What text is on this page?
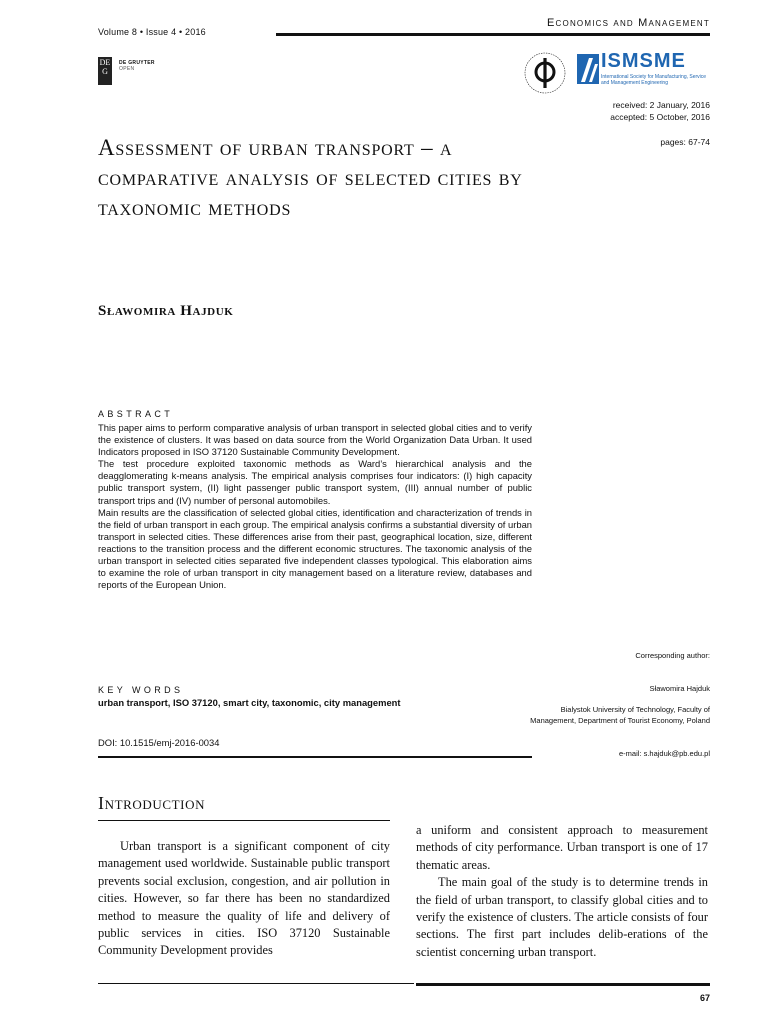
Volume 8 • Issue 4 • 2016
Economics and Management
DE G
DE GRUYTER
OPEN	ISMSME
International Society for Manufacturing, Service and Management Engineering
received: 2 January, 2016
accepted: 5 October, 2016
pages: 67-74
Assessment of urban transport – a comparative analysis of selected cities by taxonomic methods
Sławomira Hajduk
ABSTRACT

This paper aims to perform comparative analysis of urban transport in selected global cities and to verify the existence of clusters. It was based on data source from the World Organization Data Urban. It used Indicators proposed in ISO 37120 Sustainable Community Development.

The test procedure exploited taxonomic methods as Ward’s hierarchical analysis and the deagglomerating k-means analysis. The empirical analysis comprises four indicators: (I) high capacity public transport system, (II) light passenger public transport system, (III) annual number of public transport trips and (IV) number of personal automobiles.

Main results are the classification of selected global cities, identification and characterization of trends in the field of urban transport in each group. The empirical analysis confirms a substantial diversity of urban transport in selected cities. These differences arise from their past, geographical location, size, different reactions to the transition process and the different economic structures. The taxonomic analysis of the urban transport in selected cities separated five independent classes typological. This elaboration aims to examine the role of urban transport in city management based on a literature review, databases and reports of the European Union.

KEY WORDS
urban transport, ISO 37120, smart city, taxonomic, city management
DOI: 10.1515/emj-2016-0034
Corresponding author:
Sławomira Hajduk
Bialystok University of Technology, Faculty of Management, Department of Tourist Economy, Poland
e-mail: s.hajduk@pb.edu.pl
Introduction

Urban transport is a significant component of city management used worldwide. Sustainable public transport prevents social exclusion, congestion, and air pollution in cities. However, so far there has been no standardized method to measure the quality of life and delivery of public services in cities. ISO 37120 Sustainable Community Development provides

a uniform and consistent approach to measurement methods of city performance. Urban transport is one of 17 thematic areas.

The main goal of the study is to determine trends in the field of urban transport, to classify global cities and to verify the existence of clusters. The article consists of four sections. The first part includes delib-erations of the scientist concerning urban transport.

67
